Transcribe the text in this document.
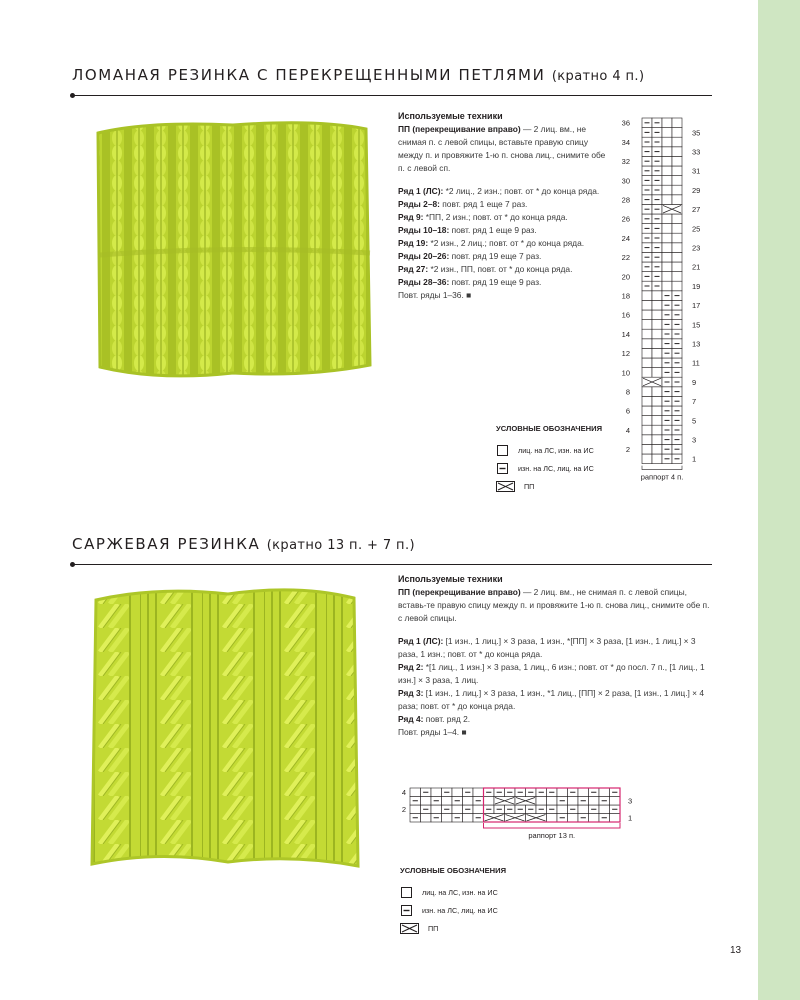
ЛОМАНАЯ РЕЗИНКА С ПЕРЕКРЕЩЕННЫМИ ПЕТЛЯМИ (кратно 4 п.)
Используемые техники

ПП (перекрещивание вправо) — 2 лиц. вм., не снимая п. с левой спицы, вставьте правую спицу между п. и провяжите 1-ю п. снова лиц., снимите обе п. с левой сп.

Ряд 1 (ЛС): *2 лиц., 2 изн.; повт. от * до конца ряда.

Ряды 2–8: повт. ряд 1 еще 7 раз.

Ряд 9: *ПП, 2 изн.; повт. от * до конца ряда.

Ряды 10–18: повт. ряд 1 еще 9 раз.

Ряд 19: *2 изн., 2 лиц.; повт. от * до конца ряда.

Ряды 20–26: повт. ряд 19 еще 7 раз.

Ряд 27: *2 изн., ПП, повт. от * до конца ряда.

Ряды 28–36: повт. ряд 19 еще 9 раз.

Повт. ряды 1–36. ■

36
34
32
30
28
26
24
22
20
18
16
14
12
10
8
6
4
2
35
33
31
29
27
25
23
21
19
17
15
13
11
9
7
5
3
1
раппорт 4 п.
УСЛОВНЫЕ ОБОЗНАЧЕНИЯ
лиц. на ЛС, изн. на ИС
изн. на ЛС, лиц. на ИС
ПП
САРЖЕВАЯ РЕЗИНКА (кратно 13 п. + 7 п.)
Используемые техники

ПП (перекрещивание вправо) — 2 лиц. вм., не снимая п. с левой спицы, вставь-те правую спицу между п. и провяжите 1-ю п. снова лиц., снимите обе п. с левой спицы.

Ряд 1 (ЛС): [1 изн., 1 лиц.] × 3 раза, 1 изн., *[ПП] × 3 раза, [1 изн., 1 лиц.] × 3 раза, 1 изн.; повт. от * до конца ряда.

Ряд 2: *[1 лиц., 1 изн.] × 3 раза, 1 лиц., 6 изн.; повт. от * до посл. 7 п., [1 лиц., 1 изн.] × 3 раза, 1 лиц.

Ряд 3: [1 изн., 1 лиц.] × 3 раза, 1 изн., *1 лиц., [ПП] × 2 раза, [1 изн., 1 лиц.] × 4 раза; повт. от * до конца ряда.

Ряд 4: повт. ряд 2.

Повт. ряды 1–4. ■

4
2
3
1
раппорт 13 п.
УСЛОВНЫЕ ОБОЗНАЧЕНИЯ
лиц. на ЛС, изн. на ИС
изн. на ЛС, лиц. на ИС
ПП
13
